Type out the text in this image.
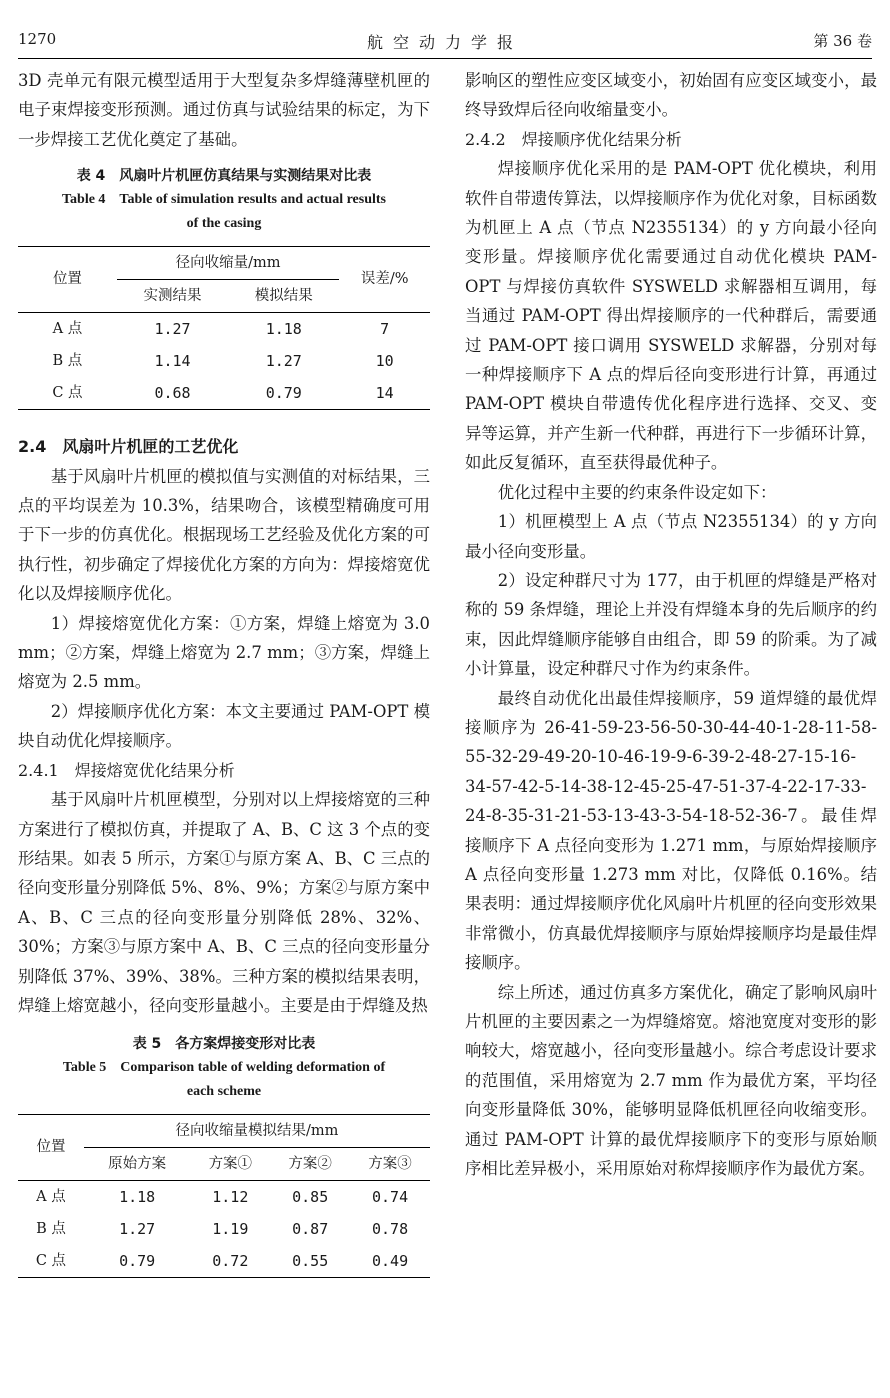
1270	航空动力学报	第 36 卷

3D 壳单元有限元模型适用于大型复杂多焊缝薄壁机匣的电子束焊接变形预测。通过仿真与试验结果的标定，为下一步焊接工艺优化奠定了基础。

表 4　风扇叶片机匣仿真结果与实测结果对比表

Table 4　Table of simulation results and actual results

of the casing

位置	径向收缩量/mm		误差/%
	实测结果	模拟结果	
A 点	1.27	1.18	7
B 点	1.14	1.27	10
C 点	0.68	0.79	14

2.4　风扇叶片机匣的工艺优化

基于风扇叶片机匣的模拟值与实测值的对标结果，三点的平均误差为 10.3%，结果吻合，该模型精确度可用于下一步的仿真优化。根据现场工艺经验及优化方案的可执行性，初步确定了焊接优化方案的方向为：焊接熔宽优化以及焊接顺序优化。

1）焊接熔宽优化方案：①方案，焊缝上熔宽为 3.0 mm；②方案，焊缝上熔宽为 2.7 mm；③方案，焊缝上熔宽为 2.5 mm。

2）焊接顺序优化方案：本文主要通过 PAM-OPT 模块自动优化焊接顺序。

2.4.1　焊接熔宽优化结果分析

基于风扇叶片机匣模型，分别对以上焊接熔宽的三种方案进行了模拟仿真，并提取了 A、B、C 这 3 个点的变形结果。如表 5 所示，方案①与原方案 A、B、C 三点的径向变形量分别降低 5%、8%、9%；方案②与原方案中 A、B、C 三点的径向变形量分别降低 28%、32%、30%；方案③与原方案中 A、B、C 三点的径向变形量分别降低 37%、39%、38%。三种方案的模拟结果表明，焊缝上熔宽越小，径向变形量越小。主要是由于焊缝及热

表 5　各方案焊接变形对比表

Table 5　Comparison table of welding deformation of

each scheme

位置	径向收缩量模拟结果/mm			
	原始方案	方案①	方案②	方案③
A 点	1.18	1.12	0.85	0.74
B 点	1.27	1.19	0.87	0.78
C 点	0.79	0.72	0.55	0.49

影响区的塑性应变区域变小，初始固有应变区域变小，最终导致焊后径向收缩量变小。

2.4.2　焊接顺序优化结果分析

焊接顺序优化采用的是 PAM-OPT 优化模块，利用软件自带遗传算法，以焊接顺序作为优化对象，目标函数为机匣上 A 点（节点 N2355134）的 y 方向最小径向变形量。焊接顺序优化需要通过自动优化模块 PAM-OPT 与焊接仿真软件 SYSWELD 求解器相互调用，每当通过 PAM-OPT 得出焊接顺序的一代种群后，需要通过 PAM-OPT 接口调用 SYSWELD 求解器，分别对每一种焊接顺序下 A 点的焊后径向变形进行计算，再通过 PAM-OPT 模块自带遗传优化程序进行选择、交叉、变异等运算，并产生新一代种群，再进行下一步循环计算，如此反复循环，直至获得最优种子。

优化过程中主要的约束条件设定如下：

1）机匣模型上 A 点（节点 N2355134）的 y 方向最小径向变形量。

2）设定种群尺寸为 177，由于机匣的焊缝是严格对称的 59 条焊缝，理论上并没有焊缝本身的先后顺序的约束，因此焊缝顺序能够自由组合，即 59 的阶乘。为了减小计算量，设定种群尺寸作为约束条件。

最终自动优化出最佳焊接顺序，59 道焊缝的最优焊接顺序为 26-41-59-23-56-50-30-44-40-1-28-11-58-55-32-29-49-20-10-46-19-9-6-39-2-48-27-15-16-34-57-42-5-14-38-12-45-25-47-51-37-4-22-17-33-24-8-35-31-21-53-13-43-3-54-18-52-36-7。最佳焊接顺序下 A 点径向变形为 1.271 mm，与原始焊接顺序 A 点径向变形量 1.273 mm 对比，仅降低 0.16%。结果表明：通过焊接顺序优化风扇叶片机匣的径向变形效果非常微小，仿真最优焊接顺序与原始焊接顺序均是最佳焊接顺序。

综上所述，通过仿真多方案优化，确定了影响风扇叶片机匣的主要因素之一为焊缝熔宽。熔池宽度对变形的影响较大，熔宽越小，径向变形量越小。综合考虑设计要求的范围值，采用熔宽为 2.7 mm 作为最优方案，平均径向变形量降低 30%，能够明显降低机匣径向收缩变形。通过 PAM-OPT 计算的最优焊接顺序下的变形与原始顺序相比差异极小，采用原始对称焊接顺序作为最优方案。
